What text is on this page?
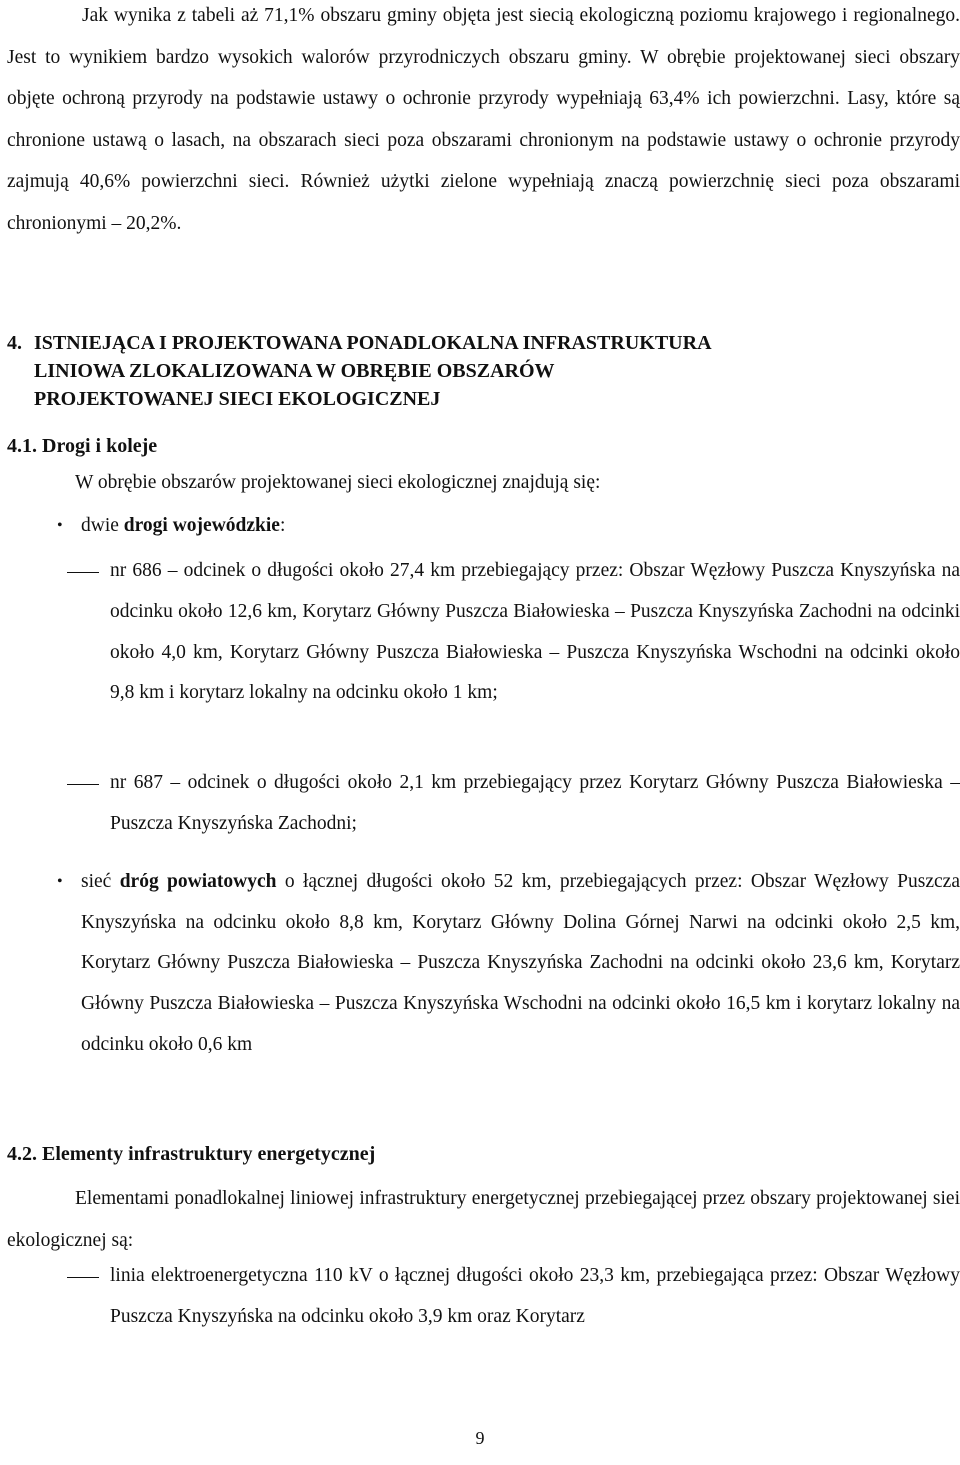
Jak wynika z tabeli aż 71,1% obszaru gminy objęta jest siecią ekologiczną poziomu krajowego i regionalnego. Jest to wynikiem bardzo wysokich walorów przyrodniczych obszaru gminy. W obrębie projektowanej sieci obszary objęte ochroną przyrody na podstawie ustawy o ochronie przyrody wypełniają 63,4% ich powierzchni. Lasy, które są chronione ustawą o lasach, na obszarach sieci poza obszarami chronionym na podstawie ustawy o ochronie przyrody zajmują 40,6% powierzchni sieci. Również użytki zielone wypełniają znaczą powierzchnię sieci poza obszarami chronionymi – 20,2%.

4. ISTNIEJĄCA I PROJEKTOWANA PONADLOKALNA INFRASTRUKTURA
LINIOWA ZLOKALIZOWANA W OBRĘBIE OBSZARÓW
PROJEKTOWANEJ SIECI EKOLOGICZNEJ
4.1. Drogi i koleje

W obrębie obszarów projektowanej sieci ekologicznej znajdują się:

• dwie drogi wojewódzkie:
nr 686 – odcinek o długości około 27,4 km przebiegający przez: Obszar Węzłowy Puszcza Knyszyńska na odcinku około 12,6 km, Korytarz Główny Puszcza Białowieska – Puszcza Knyszyńska Zachodni na odcinki około 4,0 km, Korytarz Główny Puszcza Białowieska – Puszcza Knyszyńska Wschodni na odcinki około 9,8 km i korytarz lokalny na odcinku około 1 km;
nr 687 – odcinek o długości około 2,1 km przebiegający przez Korytarz Główny Puszcza Białowieska – Puszcza Knyszyńska Zachodni;
• sieć dróg powiatowych o łącznej długości około 52 km, przebiegających przez: Obszar Węzłowy Puszcza Knyszyńska na odcinku około 8,8 km, Korytarz Główny Dolina Górnej Narwi na odcinki około 2,5 km, Korytarz Główny Puszcza Białowieska – Puszcza Knyszyńska Zachodni na odcinki około 23,6 km, Korytarz Główny Puszcza Białowieska – Puszcza Knyszyńska Wschodni na odcinki około 16,5 km i korytarz lokalny na odcinku około 0,6 km
4.2. Elementy infrastruktury energetycznej

Elementami ponadlokalnej liniowej infrastruktury energetycznej przebiegającej przez obszary projektowanej siei ekologicznej są:

linia elektroenergetyczna 110 kV o łącznej długości około 23,3 km, przebiegająca przez: Obszar Węzłowy Puszcza Knyszyńska na odcinku około 3,9 km oraz Korytarz
9
